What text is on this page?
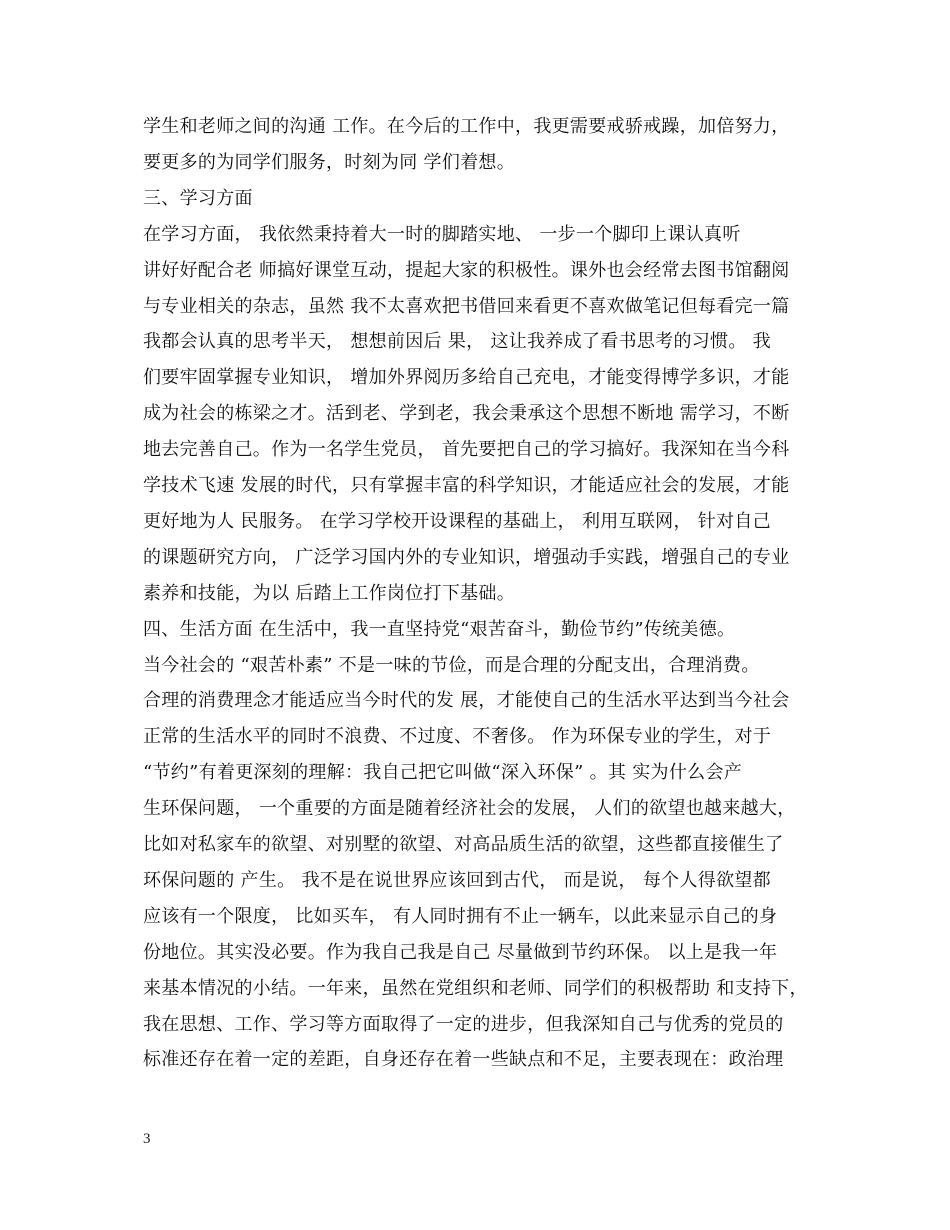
学生和老师之间的沟通 工作。在今后的工作中，我更需要戒骄戒躁，加倍努力，
要更多的为同学们服务，时刻为同 学们着想。
三、学习方面
在学习方面， 我依然秉持着大一时的脚踏实地、 一步一个脚印上课认真听
讲好好配合老 师搞好课堂互动，提起大家的积极性。课外也会经常去图书馆翻阅
与专业相关的杂志，虽然 我不太喜欢把书借回来看更不喜欢做笔记但每看完一篇
我都会认真的思考半天， 想想前因后 果， 这让我养成了看书思考的习惯。 我
们要牢固掌握专业知识， 增加外界阅历多给自己充电，才能变得博学多识，才能
成为社会的栋梁之才。活到老、学到老，我会秉承这个思想不断地 需学习，不断
地去完善自己。作为一名学生党员， 首先要把自己的学习搞好。我深知在当今科
学技术飞速 发展的时代，只有掌握丰富的科学知识，才能适应社会的发展，才能
更好地为人 民服务。 在学习学校开设课程的基础上， 利用互联网， 针对自己
的课题研究方向， 广泛学习国内外的专业知识，增强动手实践，增强自己的专业
素养和技能，为以 后踏上工作岗位打下基础。
四、生活方面 在生活中，我一直坚持党“艰苦奋斗，勤俭节约”传统美德。
当今社会的 “艰苦朴素” 不是一味的节俭，而是合理的分配支出，合理消费。
合理的消费理念才能适应当今时代的发 展，才能使自己的生活水平达到当今社会
正常的生活水平的同时不浪费、不过度、不奢侈。 作为环保专业的学生，对于
“节约”有着更深刻的理解：我自己把它叫做“深入环保” 。其 实为什么会产
生环保问题， 一个重要的方面是随着经济社会的发展， 人们的欲望也越来越大，
比如对私家车的欲望、对别墅的欲望、对高品质生活的欲望，这些都直接催生了
环保问题的 产生。 我不是在说世界应该回到古代， 而是说， 每个人得欲望都
应该有一个限度， 比如买车， 有人同时拥有不止一辆车，以此来显示自己的身
份地位。其实没必要。作为我自己我是自己 尽量做到节约环保。 以上是我一年
来基本情况的小结。一年来，虽然在党组织和老师、同学们的积极帮助 和支持下，
我在思想、工作、学习等方面取得了一定的进步，但我深知自己与优秀的党员的
标准还存在着一定的差距，自身还存在着一些缺点和不足，主要表现在：政治理
3
